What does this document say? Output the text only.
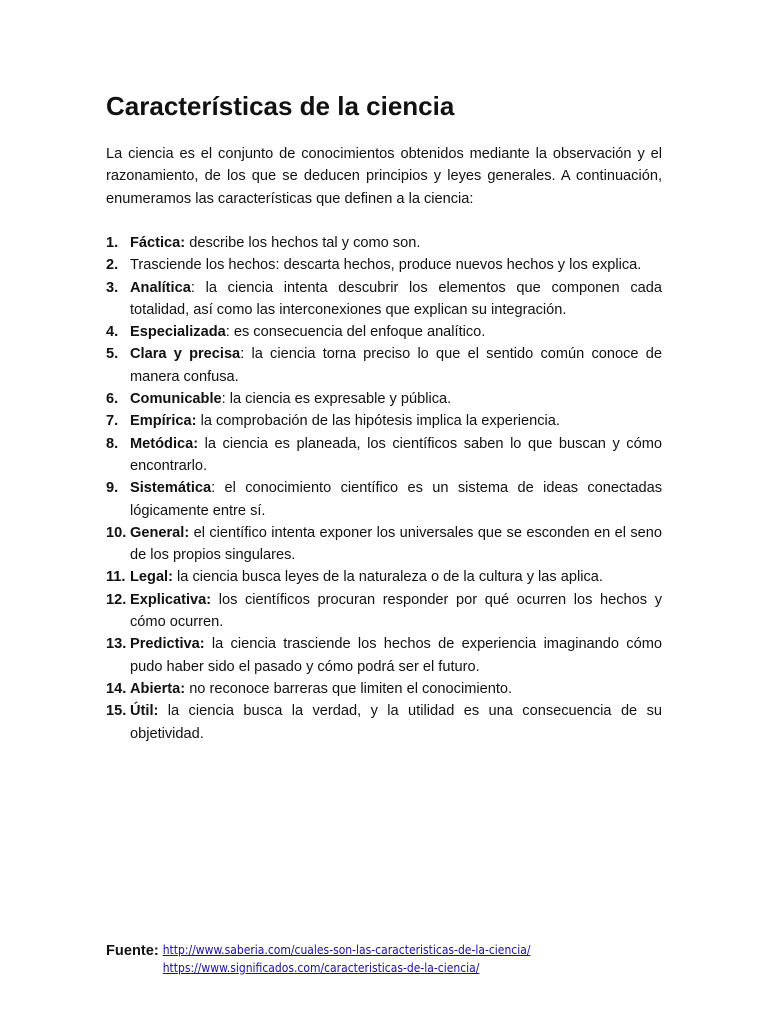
Características de la ciencia

La ciencia es el conjunto de conocimientos obtenidos mediante la observación y el razonamiento, de los que se deducen principios y leyes generales. A continuación, enumeramos las características que definen a la ciencia:

1. Fáctica: describe los hechos tal y como son.
2. Trasciende los hechos: descarta hechos, produce nuevos hechos y los explica.
3. Analítica: la ciencia intenta descubrir los elementos que componen cada totalidad, así como las interconexiones que explican su integración.
4. Especializada: es consecuencia del enfoque analítico.
5. Clara y precisa: la ciencia torna preciso lo que el sentido común conoce de manera confusa.
6. Comunicable: la ciencia es expresable y pública.
7. Empírica: la comprobación de las hipótesis implica la experiencia.
8. Metódica: la ciencia es planeada, los científicos saben lo que buscan y cómo encontrarlo.
9. Sistemática: el conocimiento científico es un sistema de ideas conectadas lógicamente entre sí.
10. General: el científico intenta exponer los universales que se esconden en el seno de los propios singulares.
11. Legal: la ciencia busca leyes de la naturaleza o de la cultura y las aplica.
12. Explicativa: los científicos procuran responder por qué ocurren los hechos y cómo ocurren.
13. Predictiva: la ciencia trasciende los hechos de experiencia imaginando cómo pudo haber sido el pasado y cómo podrá ser el futuro.
14. Abierta: no reconoce barreras que limiten el conocimiento.
15. Útil: la ciencia busca la verdad, y la utilidad es una consecuencia de su objetividad.
Fuente: http://www.saberia.com/cuales-son-las-caracteristicas-de-la-ciencia/
https://www.significados.com/caracteristicas-de-la-ciencia/
